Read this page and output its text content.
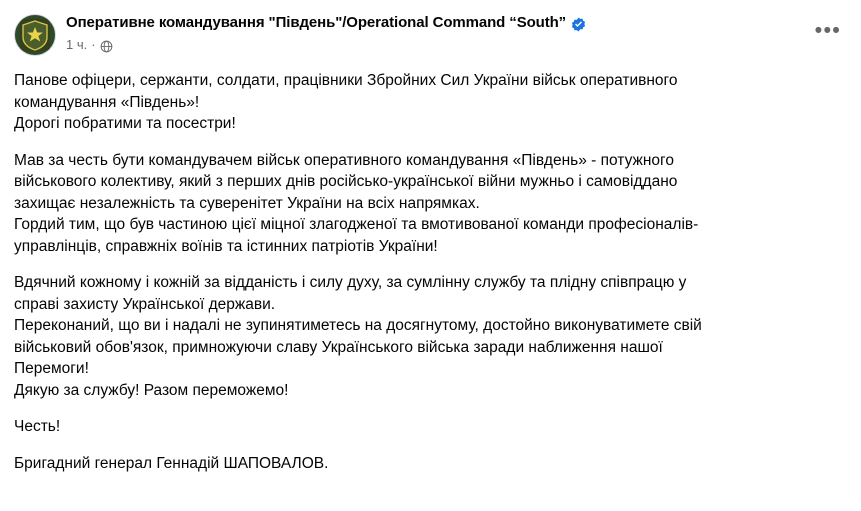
Оперативне командування "Південь"/Operational Command “South”
1 ч. ·
•••
Панове офіцери, сержанти, солдати, працівники Збройних Сил України військ оперативного
командування «Південь»!
Дорогі побратими та посестри!
Мав за честь бути командувачем військ оперативного командування «Південь» - потужного
військового колективу, який з перших днів російсько-української війни мужньо і самовіддано
захищає незалежність та суверенітет України на всіх напрямках.
Гордий тим, що був частиною цієї міцної злагодженої та вмотивованої команди професіоналів-
управлінців, справжніх воїнів та істинних патріотів України!
Вдячний кожному і кожній за відданість і силу духу, за сумлінну службу та плідну співпрацю у
справі захисту Української держави.
Переконаний, що ви і надалі не зупинятиметесь на досягнутому, достойно виконуватимете свій
військовий обов'язок, примножуючи славу Українського війська заради наближення нашої
Перемоги!
Дякую за службу! Разом переможемо!
Честь!
Бригадний генерал Геннадій ШАПОВАЛОВ.
